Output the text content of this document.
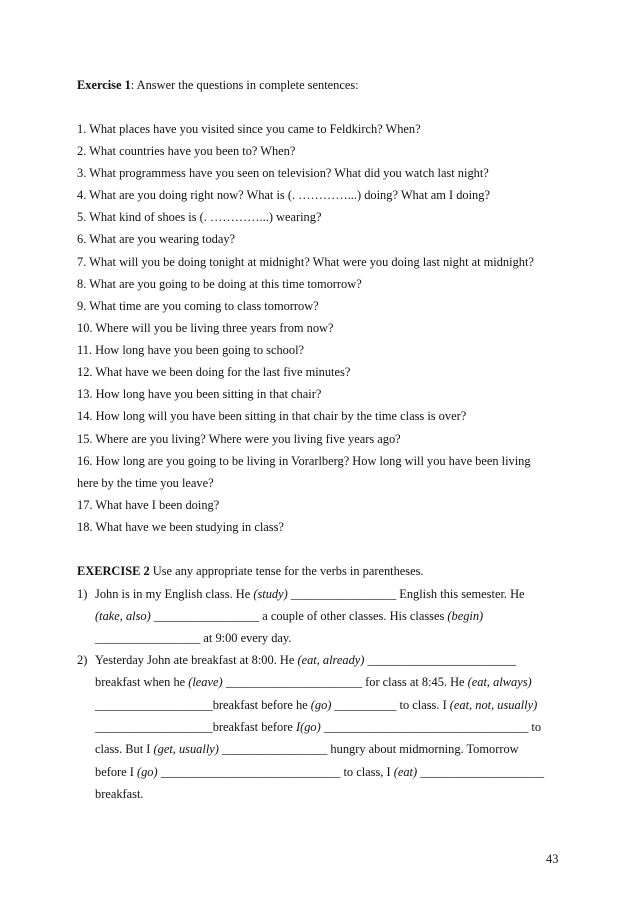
Exercise 1: Answer the questions in complete sentences:
1. What places have you visited since you came to Feldkirch? When?
2. What countries have you been to? When?
3. What programmess have you seen on television? What did you watch last night?
4. What are you doing right now? What is (. …………...) doing? What am I doing?
5. What kind of shoes is (. …………...) wearing?
6. What are you wearing today?
7. What will you be doing tonight at midnight? What were you doing last night at midnight?
8. What are you going to be doing at this time tomorrow?
9. What time are you coming to class tomorrow?
10. Where will you be living three years from now?
11. How long have you been going to school?
12. What have we been doing for the last five minutes?
13. How long have you been sitting in that chair?
14. How long will you have been sitting in that chair by the time class is over?
15. Where are you living? Where were you living five years ago?
16. How long are you going to be living in Vorarlberg? How long will you have been living
here by the time you leave?
17. What have I been doing?
18. What have we been studying in class?
EXERCISE 2 Use any appropriate tense for the verbs in parentheses.
1) John is in my English class. He (study) _________________ English this semester. He
(take, also) _________________ a couple of other classes. His classes (begin)
_________________ at 9:00 every day.
2) Yesterday John ate breakfast at 8:00. He (eat, already) ________________________
breakfast when he (leave) ______________________ for class at 8:45. He (eat, always)
___________________breakfast before he (go) __________ to class. I (eat, not, usually)
___________________breakfast before I(go) _________________________________ to
class. But I (get, usually) _________________ hungry about midmorning. Tomorrow
before I (go) _____________________________ to class, I (eat) ____________________
breakfast.
43
